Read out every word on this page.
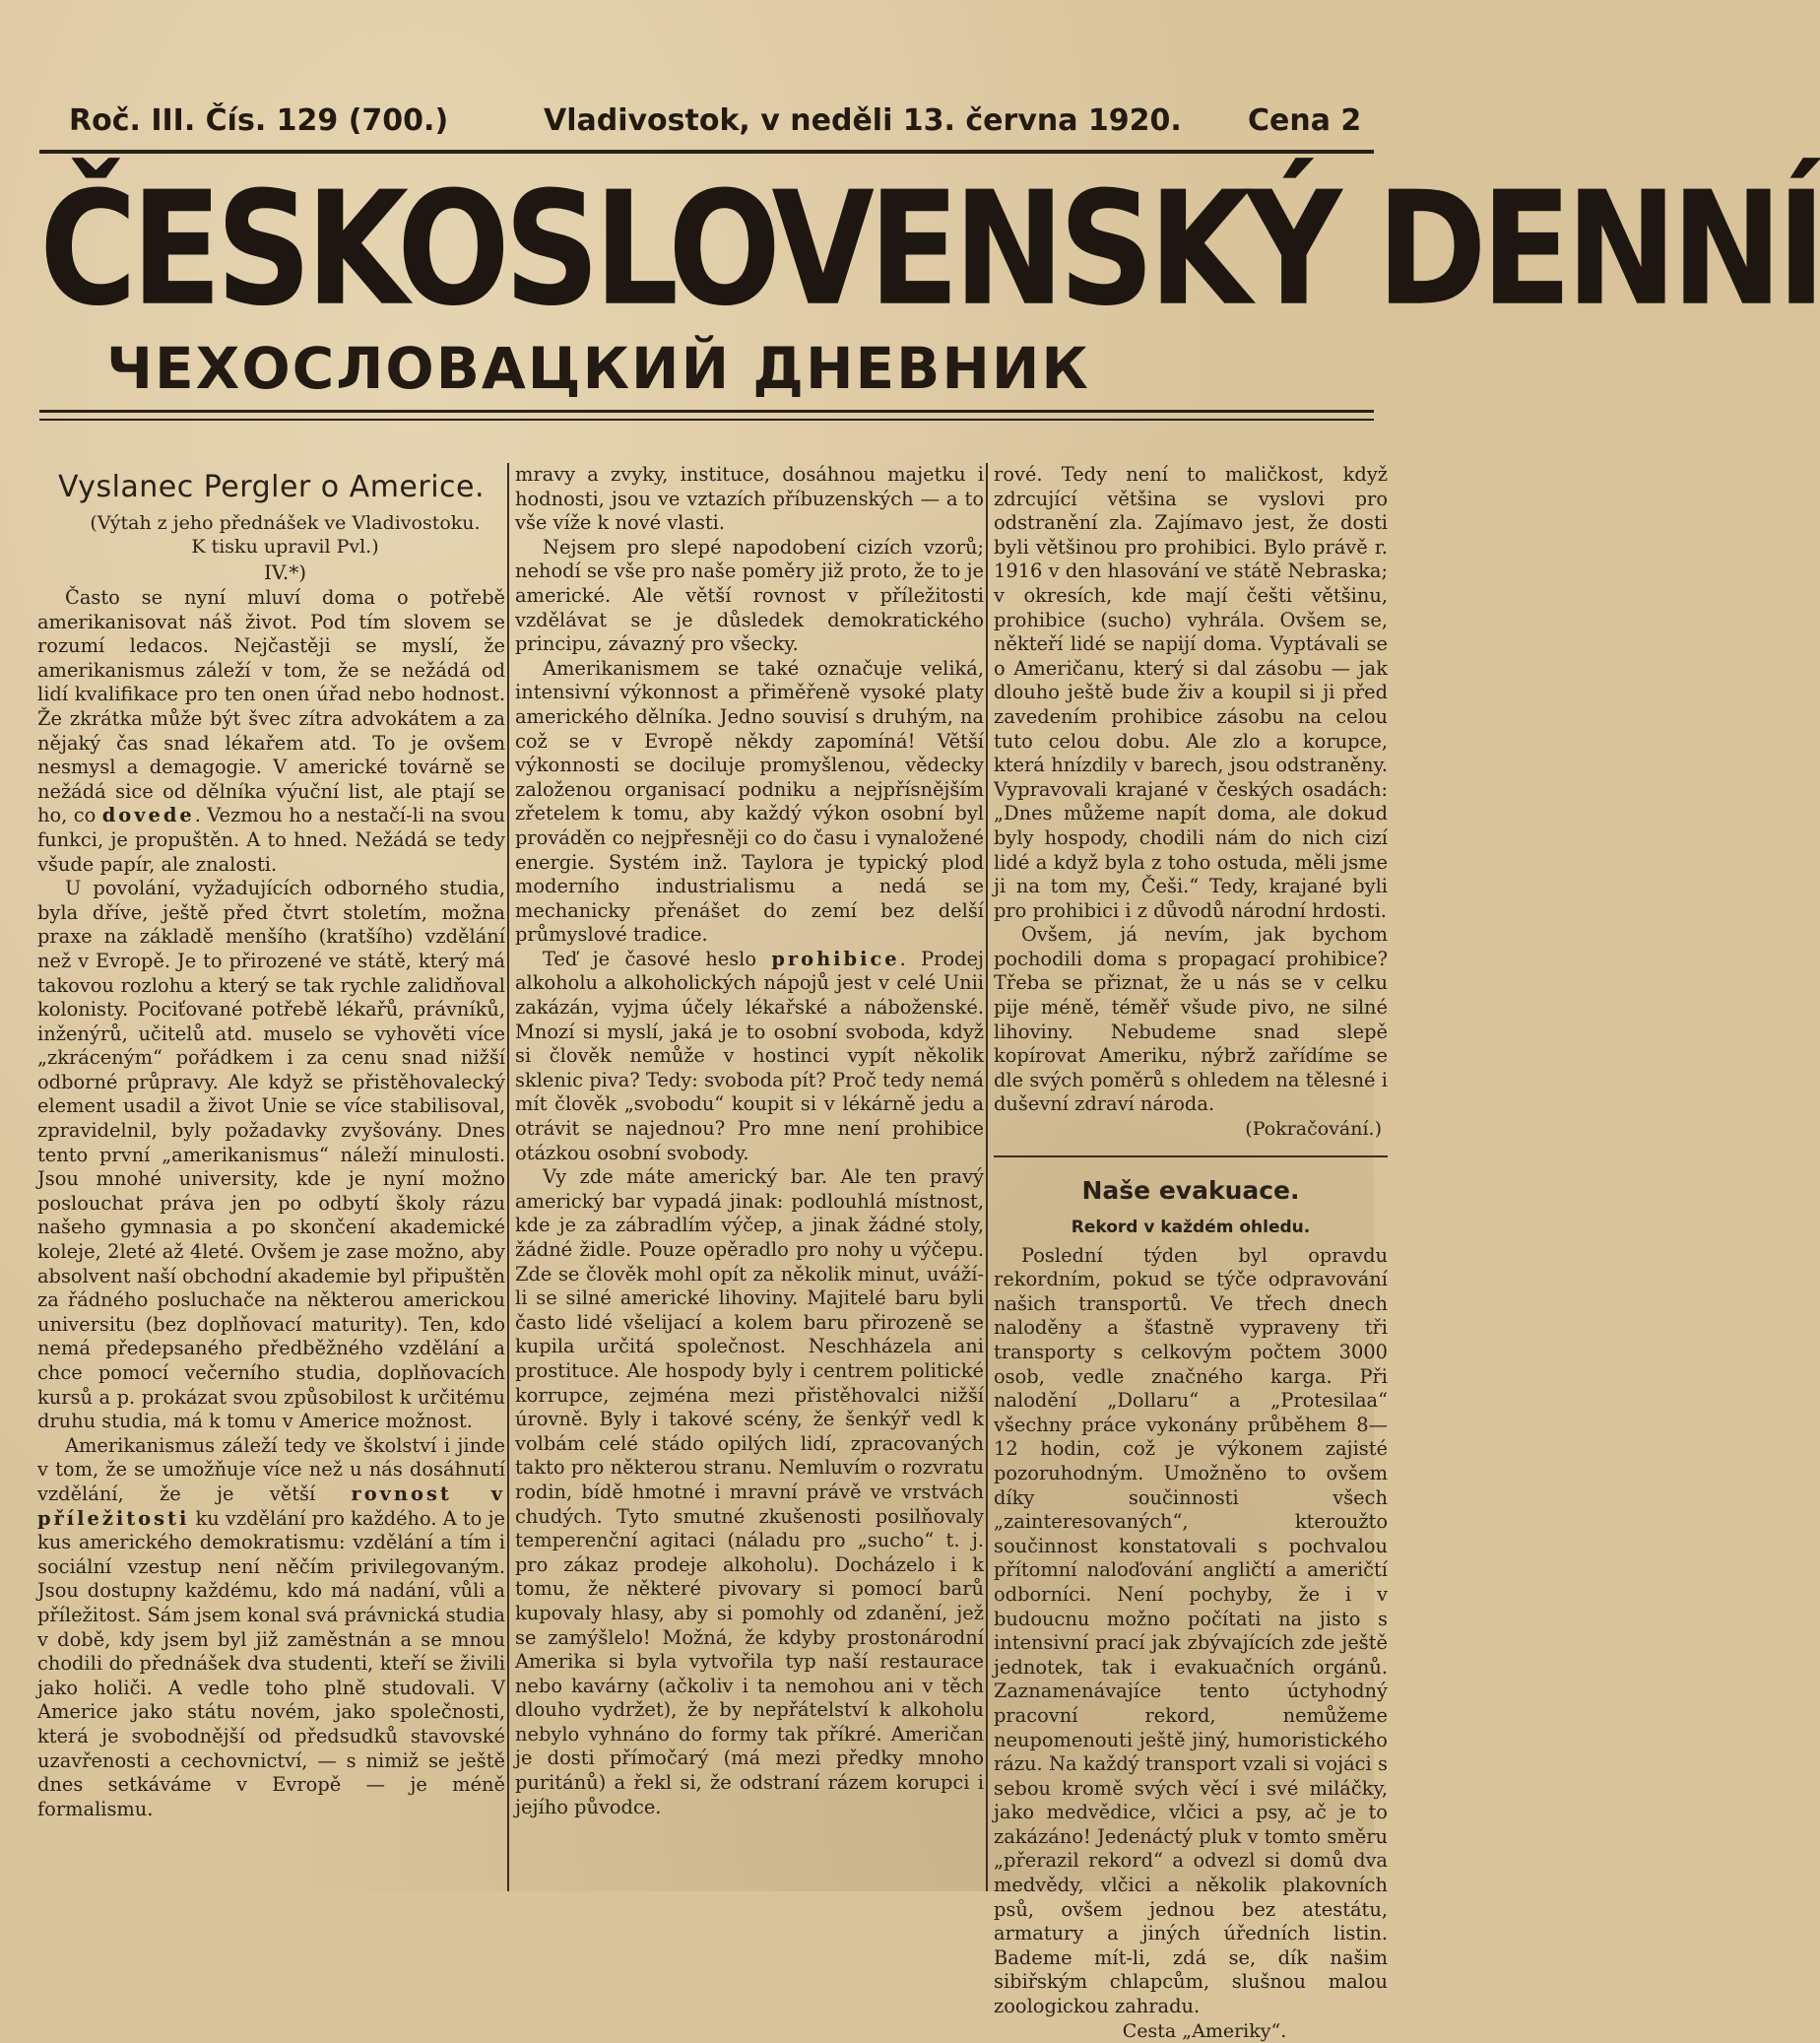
Roč. III. Čís. 129 (700.)	Vladivostok, v neděli 13. června 1920. Cena 2
ČESKOSLOVENSKÝ DENNÍ
ЧЕХОСЛОВАЦКИЙ ДНЕВНИК
Vyslanec Pergler o Americe.

(Výtah z jeho přednášek ve Vladivostoku.

K tisku upravil Pvl.)

IV.*)

Často se nyní mluví doma o potřebě amerikanisovat náš život. Pod tím slovem se rozumí ledacos. Nejčastěji se myslí, že amerikanismus záleží v tom, že se nežádá od lidí kvalifikace pro ten onen úřad nebo hodnost. Že zkrátka může být švec zítra advokátem a za nějaký čas snad lékařem atd. To je ovšem nesmysl a demagogie. V americké továrně se nežádá sice od dělníka výuční list, ale ptají se ho, co dovede. Vezmou ho a nestačí-li na svou funkci, je propuštěn. A to hned. Nežádá se tedy všude papír, ale znalosti.

U povolání, vyžadujících odborného studia, byla dříve, ještě před čtvrt stoletím, možna praxe na základě menšího (kratšího) vzdělání než v Evropě. Je to přirozené ve státě, který má takovou rozlohu a který se tak rychle zalidňoval kolonisty. Pociťované potřebě lékařů, právníků, inženýrů, učitelů atd. muselo se vyhověti více „zkráceným“ pořádkem i za cenu snad nižší odborné průpravy. Ale když se přistěhovalecký element usadil a život Unie se více stabilisoval, zpravidelnil, byly požadavky zvyšovány. Dnes tento první „amerikanismus“ náleží minulosti. Jsou mnohé university, kde je nyní možno poslouchat práva jen po odbytí školy rázu našeho gymnasia a po skončení akademické koleje, 2leté až 4leté. Ovšem je zase možno, aby absolvent naší obchodní akademie byl připuštěn za řádného posluchače na některou americkou universitu (bez doplňovací maturity). Ten, kdo nemá předepsaného předběžného vzdělání a chce pomocí večerního studia, doplňovacích kursů a p. prokázat svou způsobilost k určitému druhu studia, má k tomu v Americe možnost.

Amerikanismus záleží tedy ve školství i jinde v tom, že se umožňuje více než u nás dosáhnutí vzdělání, že je větší rovnost v příležitosti ku vzdělání pro každého. A to je kus amerického demokratismu: vzdělání a tím i sociální vzestup není něčím privilegovaným. Jsou dostupny každému, kdo má nadání, vůli a příležitost. Sám jsem konal svá právnická studia v době, kdy jsem byl již zaměstnán a se mnou chodili do přednášek dva studenti, kteří se živili jako holiči. A vedle toho plně studovali. V Americe jako státu novém, jako společnosti, která je svobodnější od předsudků stavovské uzavřenosti a cechovnictví, — s nimiž se ještě dnes setkáváme v Evropě — je méně formalismu.

mravy a zvyky, instituce, dosáhnou majetku i hodnosti, jsou ve vztazích příbuzenských — a to vše víže k nové vlasti.

Nejsem pro slepé napodobení cizích vzorů; nehodí se vše pro naše poměry již proto, že to je americké. Ale větší rovnost v příležitosti vzdělávat se je důsledek demokratického principu, závazný pro všecky.

Amerikanismem se také označuje veliká, intensivní výkonnost a přiměřeně vysoké platy amerického dělníka. Jedno souvisí s druhým, na což se v Evropě někdy zapomíná! Větší výkonnosti se dociluje promyšlenou, vědecky založenou organisací podniku a nejpřísnějším zřetelem k tomu, aby každý výkon osobní byl prováděn co nejpřesněji co do času i vynaložené energie. Systém inž. Taylora je typický plod moderního industrialismu a nedá se mechanicky přenášet do zemí bez delší průmyslové tradice.

Teď je časové heslo prohibice. Prodej alkoholu a alkoholických nápojů jest v celé Unii zakázán, vyjma účely lékařské a náboženské. Mnozí si myslí, jaká je to osobní svoboda, když si člověk nemůže v hostinci vypít několik sklenic piva? Tedy: svoboda pít? Proč tedy nemá mít člověk „svobodu“ koupit si v lékárně jedu a otrávit se najednou? Pro mne není prohibice otázkou osobní svobody.

Vy zde máte americký bar. Ale ten pravý americký bar vypadá jinak: podlouhlá místnost, kde je za zábradlím výčep, a jinak žádné stoly, žádné židle. Pouze opěradlo pro nohy u výčepu. Zde se člověk mohl opít za několik minut, uváží-li se silné americké lihoviny. Majitelé baru byli často lidé všelijací a kolem baru přirozeně se kupila určitá společnost. Neschházela ani prostituce. Ale hospody byly i centrem politické korrupce, zejména mezi přistěhovalci nižší úrovně. Byly i takové scény, že šenkýř vedl k volbám celé stádo opilých lidí, zpracovaných takto pro některou stranu. Nemluvím o rozvratu rodin, bídě hmotné i mravní právě ve vrstvách chudých. Tyto smutné zkušenosti posilňovaly temperenční agitaci (náladu pro „sucho“ t. j. pro zákaz prodeje alkoholu). Docházelo i k tomu, že některé pivovary si pomocí barů kupovaly hlasy, aby si pomohly od zdanění, jež se zamýšlelo! Možná, že kdyby prostonárodní Amerika si byla vytvořila typ naší restaurace nebo kavárny (ačkoliv i ta nemohou ani v těch dlouho vydržet), že by nepřátelství k alkoholu nebylo vyhnáno do formy tak příkré. Američan je dosti přímočarý (má mezi předky mnoho puritánů) a řekl si, že odstraní rázem korupci i jejího původce.

rové. Tedy není to maličkost, když zdrcující většina se vyslovi pro odstranění zla. Zajímavo jest, že dosti byli většinou pro prohibici. Bylo právě r. 1916 v den hlasování ve státě Nebraska; v okresích, kde mají češti většinu, prohibice (sucho) vyhrála. Ovšem se, někteří lidé se napijí doma. Vyptávali se o Američanu, který si dal zásobu — jak dlouho ještě bude živ a koupil si ji před zavedením prohibice zásobu na celou tuto celou dobu. Ale zlo a korupce, která hnízdily v barech, jsou odstraněny. Vypravovali krajané v českých osadách: „Dnes můžeme napít doma, ale dokud byly hospody, chodili nám do nich cizí lidé a když byla z toho ostuda, měli jsme ji na tom my, Češi.“ Tedy, krajané byli pro prohibici i z důvodů národní hrdosti.

Ovšem, já nevím, jak bychom pochodili doma s propagací prohibice? Třeba se přiznat, že u nás se v celku pije méně, téměř všude pivo, ne silné lihoviny. Nebudeme snad slepě kopírovat Ameriku, nýbrž zařídíme se dle svých poměrů s ohledem na tělesné i duševní zdraví národa.

(Pokračování.)

Naše evakuace.
Rekord v každém ohledu.

Poslední týden byl opravdu rekordním, pokud se týče odpravování našich transportů. Ve třech dnech naloděny a šťastně vypraveny tři transporty s celkovým počtem 3000 osob, vedle značného karga. Při nalodění „Dollaru“ a „Protesilaa“ všechny práce vykonány průběhem 8—12 hodin, což je výkonem zajisté pozoruhodným. Umožněno to ovšem díky součinnosti všech „zainteresovaných“, kteroužto součinnost konstatovali s pochvalou přítomní naloďování angličtí a američtí odborníci. Není pochyby, že i v budoucnu možno počítati na jisto s intensivní prací jak zbývajících zde ještě jednotek, tak i evakuačních orgánů. Zaznamenávajíce tento úctyhodný pracovní rekord, nemůžeme neupomenouti ještě jiný, humoristického rázu. Na každý transport vzali si vojáci s sebou kromě svých věcí i své miláčky, jako medvědice, vlčici a psy, ač je to zakázáno! Jedenáctý pluk v tomto směru „přerazil rekord“ a odvezl si domů dva medvědy, vlčici a několik plakovních psů, ovšem jednou bez atestátu, armatury a jiných úředních listin. Bademe mít-li, zdá se, dík našim sibiřským chlapcům, slušnou malou zoologickou zahradu.

Cesta „Ameriky“.
